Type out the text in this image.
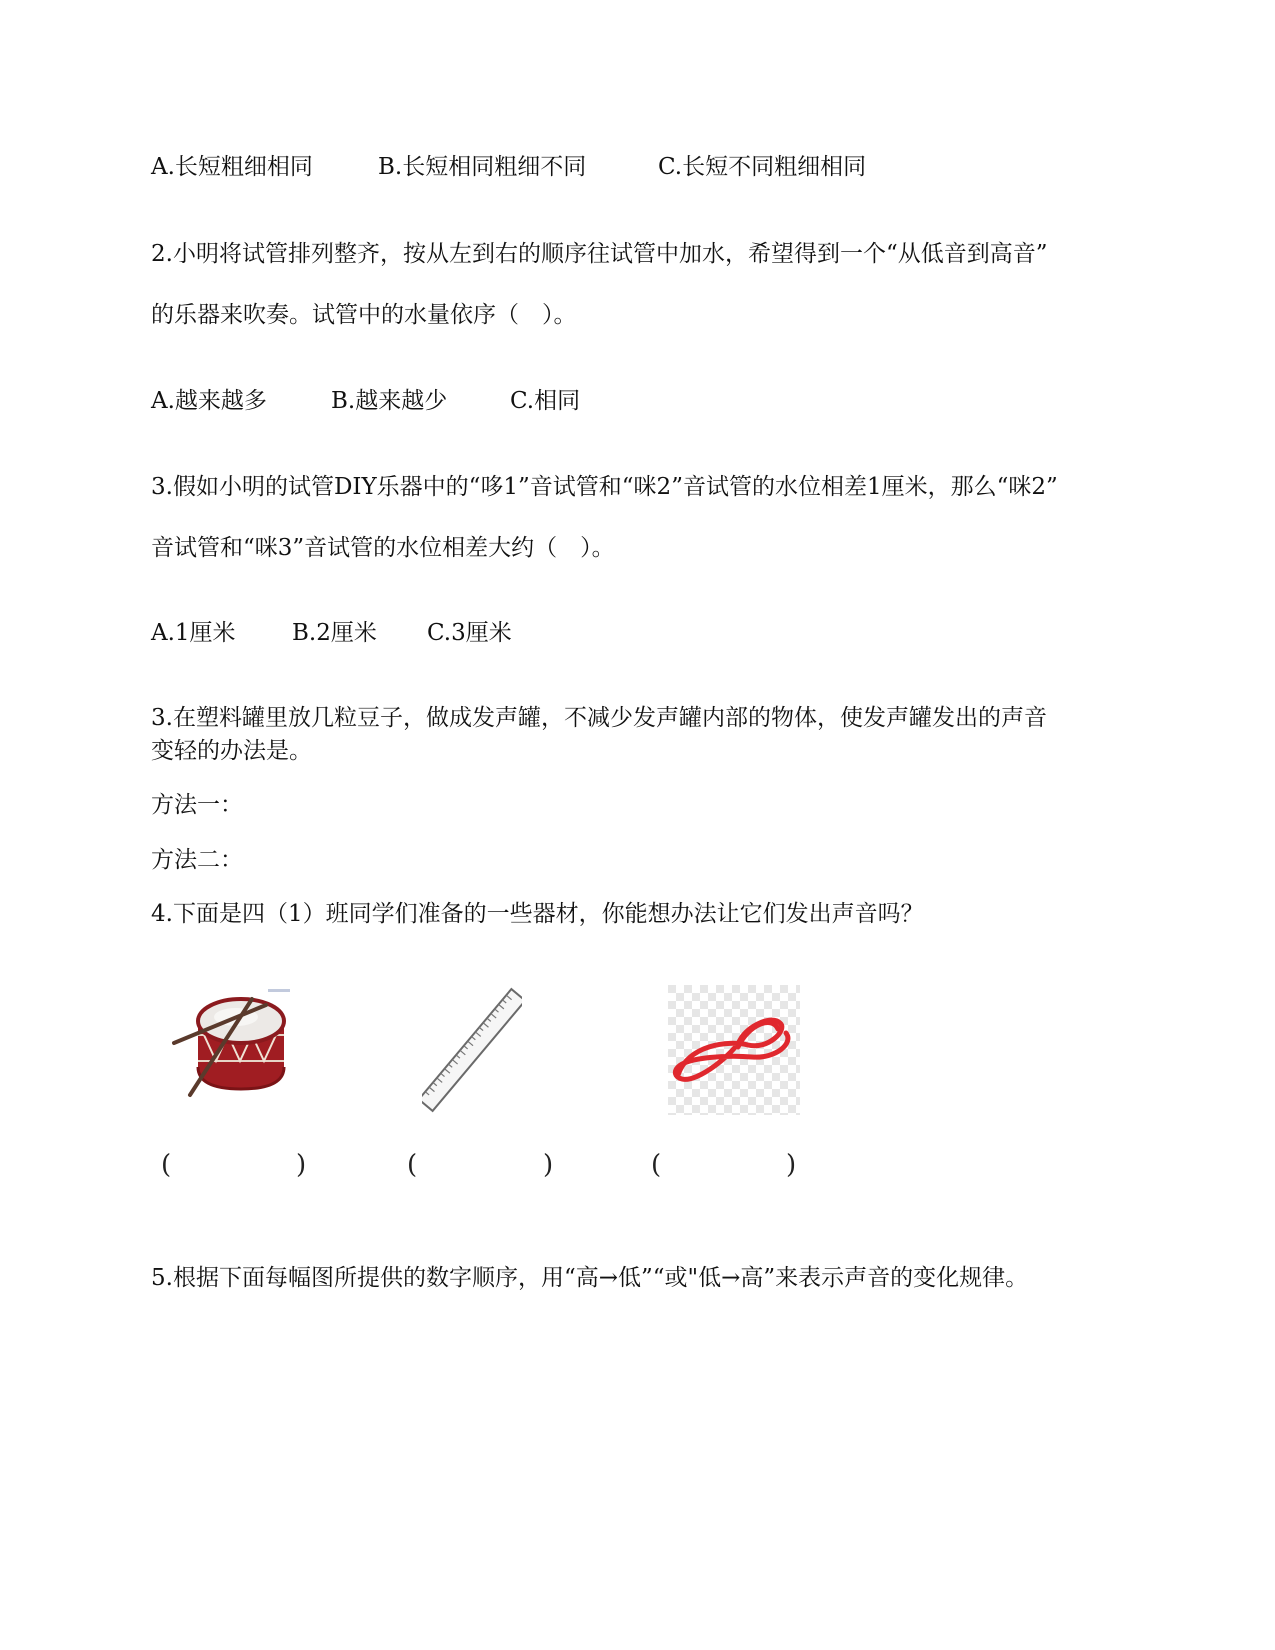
A.长短粗细相同	B.长短相同粗细不同	C.长短不同粗细相同
2.小明将试管排列整齐，按从左到右的顺序往试管中加水，希望得到一个“从低音到高音”
的乐器来吹奏。试管中的水量依序（　）。
A.越来越多	B.越来越少	C.相同
3.假如小明的试管DIY乐器中的“哆1”音试管和“咪2”音试管的水位相差1厘米，那么“咪2”
音试管和“咪3”音试管的水位相差大约（　）。
A.1厘米 B.2厘米 C.3厘米
3.在塑料罐里放几粒豆子，做成发声罐，不减少发声罐内部的物体，使发声罐发出的声音
变轻的办法是。
方法一：
方法二：
4.下面是四（1）班同学们准备的一些器材，你能想办法让它们发出声音吗？
(	)	(	)	(	)
5.根据下面每幅图所提供的数字顺序，用“高→低”“或"低→高”来表示声音的变化规律。
